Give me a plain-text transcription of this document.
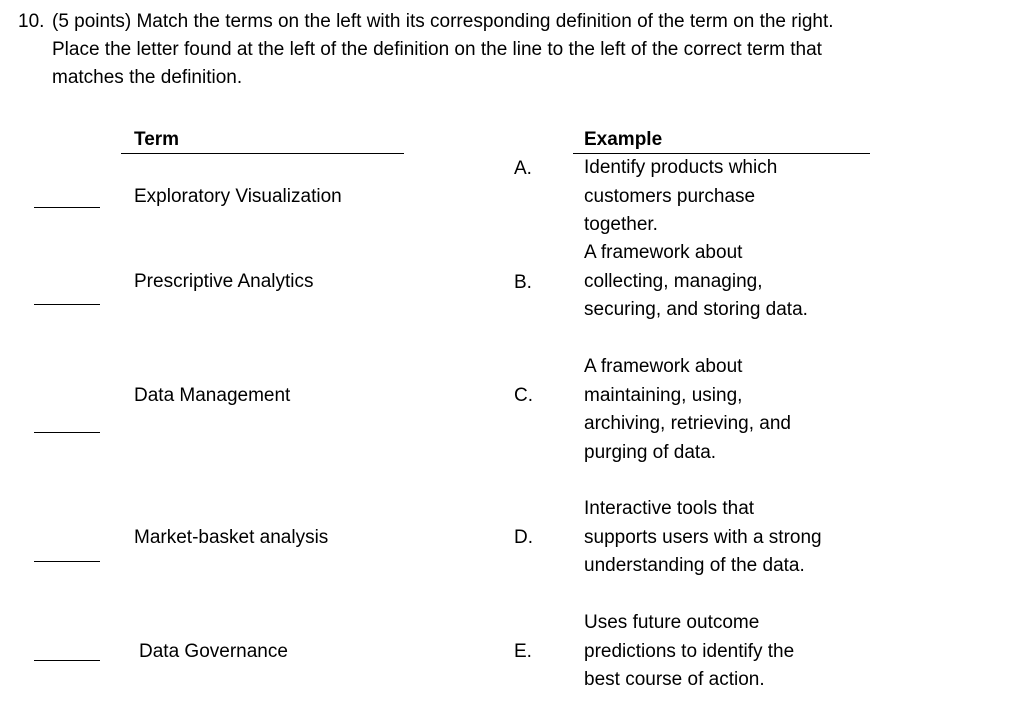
10. (5 points) Match the terms on the left with its corresponding definition of the term on the right.
Place the letter found at the left of the definition on the line to the left of the correct term that
matches the definition.
Term	Example
Exploratory Visualization
Prescriptive Analytics
Data Management
Market-basket analysis
Data Governance
A.
B.
C.
D.
E.
Identify products which
customers purchase
together.
A framework about
collecting, managing,
securing, and storing data.
A framework about
maintaining, using,
archiving, retrieving, and
purging of data.
Interactive tools that
supports users with a strong
understanding of the data.
Uses future outcome
predictions to identify the
best course of action.
